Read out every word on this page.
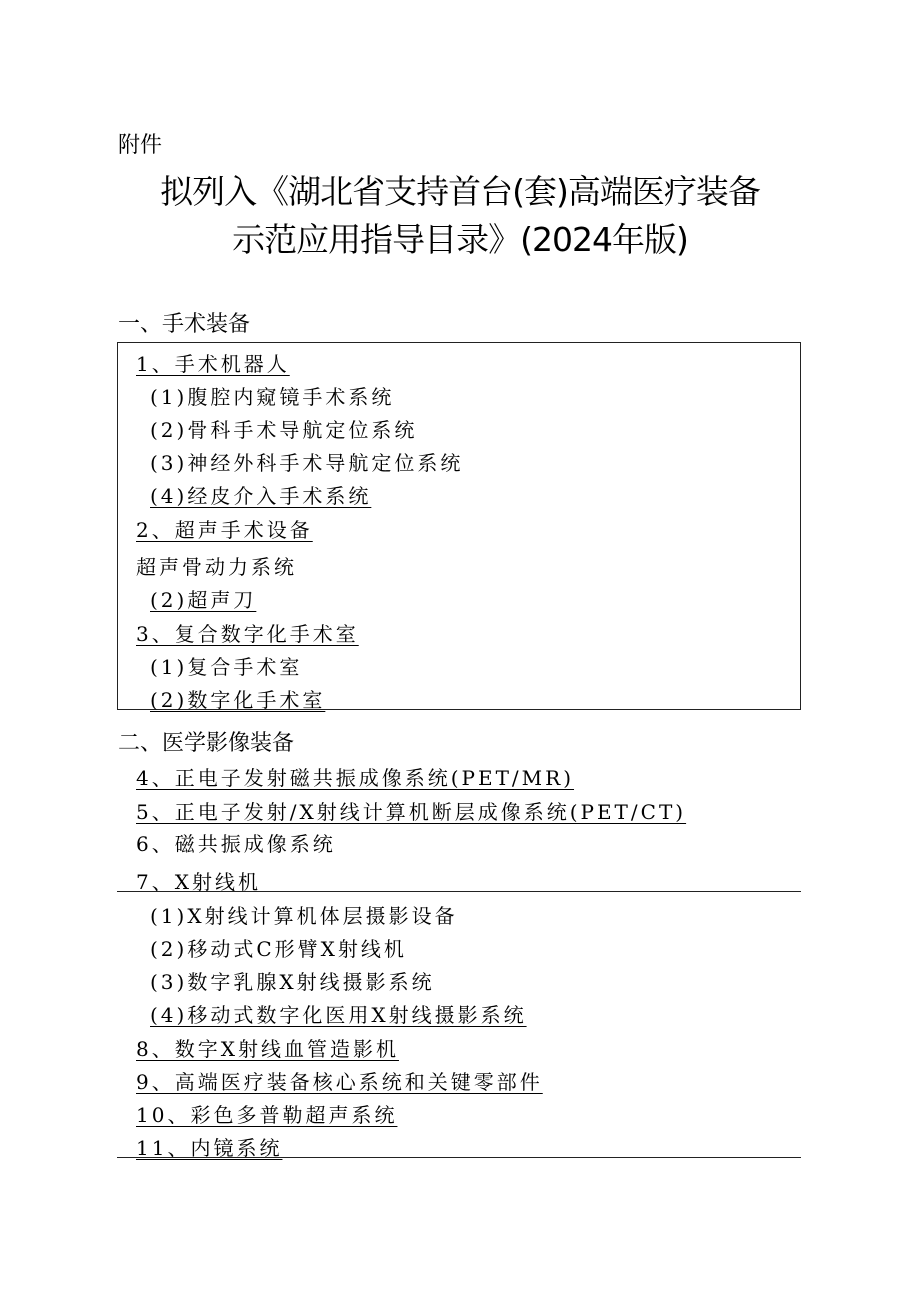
附件
拟列入《湖北省支持首台(套)高端医疗装备
示范应用指导目录》(2024年版)
一、手术装备
1、手术机器人
(1)腹腔内窥镜手术系统
(2)骨科手术导航定位系统
(3)神经外科手术导航定位系统
(4)经皮介入手术系统
2、超声手术设备
超声骨动力系统
(2)超声刀
3、复合数字化手术室
(1)复合手术室
(2)数字化手术室
二、医学影像装备
4、正电子发射磁共振成像系统(PET/MR)
5、正电子发射/X射线计算机断层成像系统(PET/CT)
6、磁共振成像系统
7、X射线机
(1)X射线计算机体层摄影设备
(2)移动式C形臂X射线机
(3)数字乳腺X射线摄影系统
(4)移动式数字化医用X射线摄影系统
8、数字X射线血管造影机
9、高端医疗装备核心系统和关键零部件
10、彩色多普勒超声系统
11、内镜系统
